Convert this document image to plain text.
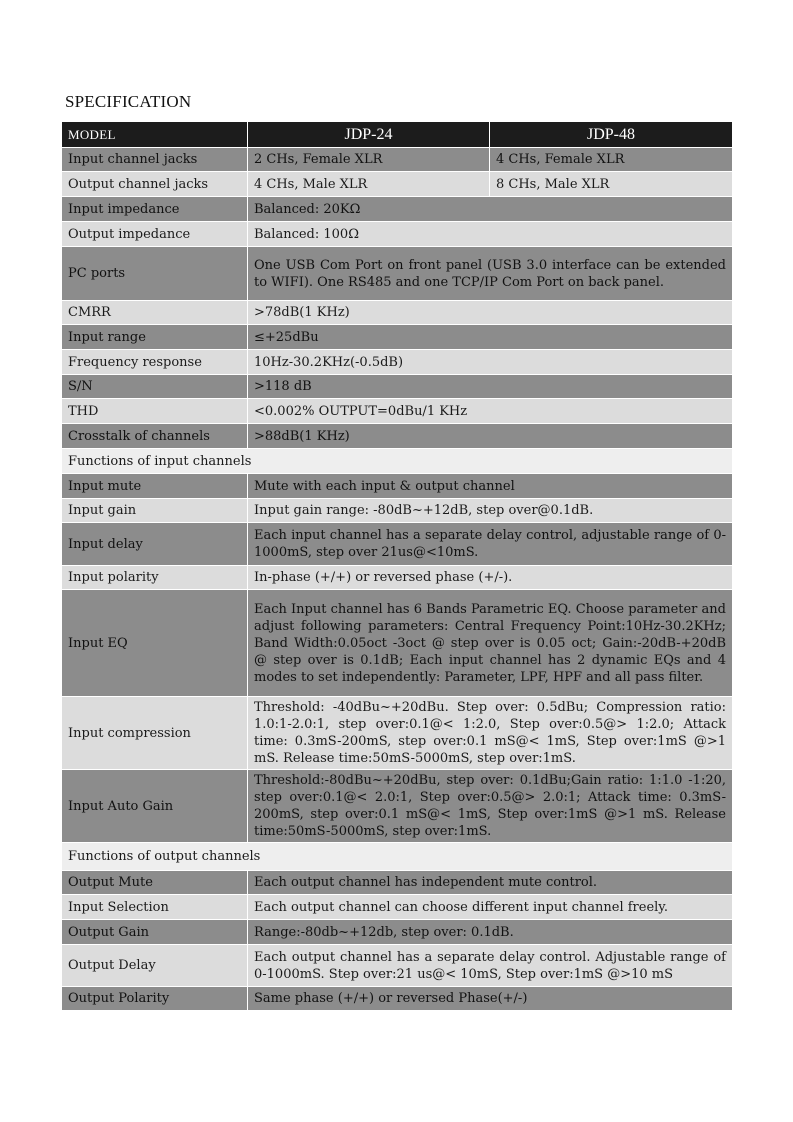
SPECIFICATION
MODEL	JDP-24	JDP-48
Input channel jacks	2 CHs, Female XLR	4 CHs, Female XLR
Output channel jacks	4 CHs, Male XLR	8 CHs, Male XLR
Input impedance	Balanced: 20KΩ	
Output impedance	Balanced: 100Ω	
PC ports	One USB Com Port on front panel (USB 3.0 interface can be extended to WIFI). One RS485 and one TCP/IP Com Port on back panel.	
CMRR	>78dB(1 KHz)	
Input range	≤+25dBu	
Frequency response	10Hz-30.2KHz(-0.5dB)	
S/N	>118 dB	
THD	<0.002% OUTPUT=0dBu/1 KHz	
Crosstalk of channels	>88dB(1 KHz)	
Functions of input channels		
Input mute	Mute with each input & output channel	
Input gain	Input gain range: -80dB~+12dB, step over@0.1dB.	
Input delay	Each input channel has a separate delay control, adjustable range of 0-1000mS, step over 21us@<10mS.	
Input polarity	In-phase (+/+) or reversed phase (+/-).	
Input EQ	Each Input channel has 6 Bands Parametric EQ. Choose parameter and adjust following parameters: Central Frequency Point:10Hz-30.2KHz; Band Width:0.05oct -3oct @ step over is 0.05 oct; Gain:-20dB-+20dB @ step over is 0.1dB; Each input channel has 2 dynamic EQs and 4 modes to set independently: Parameter, LPF, HPF and all pass filter.	
Input compression	Threshold: -40dBu~+20dBu. Step over: 0.5dBu; Compression ratio: 1.0:1-2.0:1, step over:0.1@< 1:2.0, Step over:0.5@> 1:2.0; Attack time: 0.3mS-200mS, step over:0.1 mS@< 1mS, Step over:1mS @>1 mS. Release time:50mS-5000mS, step over:1mS.	
Input Auto Gain	Threshold:-80dBu~+20dBu, step over: 0.1dBu;Gain ratio: 1:1.0 -1:20, step over:0.1@< 2.0:1, Step over:0.5@> 2.0:1; Attack time: 0.3mS-200mS, step over:0.1 mS@< 1mS, Step over:1mS @>1 mS. Release time:50mS-5000mS, step over:1mS.	
Functions of output channels		
Output Mute	Each output channel has independent mute control.	
Input Selection	Each output channel can choose different input channel freely.	
Output Gain	Range:-80db~+12db, step over: 0.1dB.	
Output Delay	Each output channel has a separate delay control. Adjustable range of 0-1000mS. Step over:21 us@< 10mS, Step over:1mS @>10 mS	
Output Polarity	Same phase (+/+) or reversed Phase(+/-)	
